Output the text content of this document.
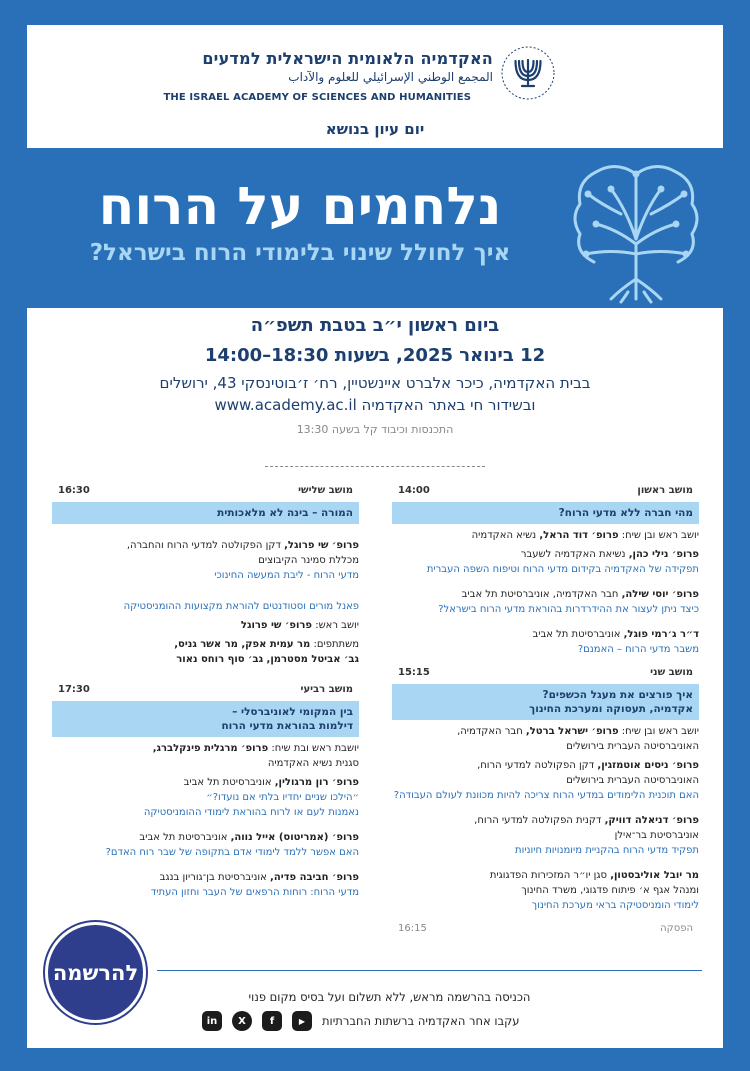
האקדמיה הלאומית הישראלית למדעים
المجمع الوطني الإسرائيلي للعلوم والآداب
THE ISRAEL ACADEMY OF SCIENCES AND HUMANITIES
יום עיון בנושא
נלחמים על הרוח
איך לחולל שינוי בלימודי הרוח בישראל?
ביום ראשון י״ב בטבת תשפ״ה
12 בינואר 2025, בשעות 18:30–14:00
בבית האקדמיה, כיכר אלברט איינשטיין, רח׳ ז׳בוטינסקי 43, ירושלים
ובשידור חי באתר האקדמיה www.academy.ac.il
התכנסות וכיבוד קל בשעה 13:30
מושב ראשון
14:00
מהי חברה ללא מדעי הרוח?
יושב ראש ובן שיח: פרופ׳ דוד הראל, נשיא האקדמיה
פרופ׳ נילי כהן, נשיאת האקדמיה לשעבר
תפקידה של האקדמיה בקידום מדעי הרוח וטיפוח השפה העברית
פרופ׳ יוסי שילה, חבר האקדמיה, אוניברסיטת תל אביב
כיצד ניתן לעצור את ההידרדרות בהוראת מדעי הרוח בישראל?
ד״ר ג׳רמי פוגל, אוניברסיטת תל אביב
משבר מדעי הרוח – האמנם?
מושב שני
15:15
איך פורצים את מעגל הכשפים?
אקדמיה, תעסוקה ומערכת החינוך
יושב ראש ובן שיח: פרופ׳ ישראל ברטל, חבר האקדמיה,
האוניברסיטה העברית בירושלים
פרופ׳ ניסים אוטמזגין, דקן הפקולטה למדעי הרוח,
האוניברסיטה העברית בירושלים
האם תוכנית הלימודים במדעי הרוח צריכה להיות מכוונת לעולם העבודה?
פרופ׳ דניאלה דוויק, דקנית הפקולטה למדעי הרוח,
אוניברסיטת בר־אילן
תפקיד מדעי הרוח בהקניית מיומנויות חיוניות
מר יובל אוליבסטון, סגן יו״ר המזכירות הפדגוגית
ומנהל אגף א׳ פיתוח פדגוגי, משרד החינוך
לימודי הומניסטיקה בראי מערכת החינוך
הפסקה
16:15
מושב שלישי
16:30
המורה – בינה לא מלאכותית
פרופ׳ שי פרוגל, דקן הפקולטה למדעי הרוח והחברה,
מכללת סמינר הקיבוצים
מדעי הרוח - ליבת המעשה החינוכי
פאנל מורים וסטודנטים להוראת מקצועות ההומניסטיקה
יושב ראש: פרופ׳ שי פרוגל
משתתפים: מר עמית אפק, מר אשר גניס,
גב׳ אביטל מסטרמן, גב׳ סוף רוחס נאור
מושב רביעי
17:30
בין המקומי לאוניברסלי –
דילמות בהוראת מדעי הרוח
יושבת ראש ובת שיח: פרופ׳ מרגלית פינקלברג,
סגנית נשיא האקדמיה
פרופ׳ רון מרגולין, אוניברסיטת תל אביב
״הילכו שניים יחדיו בלתי אם נועדו?״
נאמנות לעם או לרוח בהוראת לימודי ההומניסטיקה
פרופ׳ (אמריטוס) אייל נווה, אוניברסיטת תל אביב
האם אפשר ללמד לימודי אדם בתקופה של שבר רוח האדם?
פרופ׳ חביבה פדיה, אוניברסיטת בן־גוריון בנגב
מדעי הרוח: רוחות הרפאים של העבר וחזון העתיד
להרשמה
הכניסה בהרשמה מראש, ללא תשלום ועל בסיס מקום פנוי
עקבו אחר האקדמיה ברשתות החברתיות
in	X	f	▶
